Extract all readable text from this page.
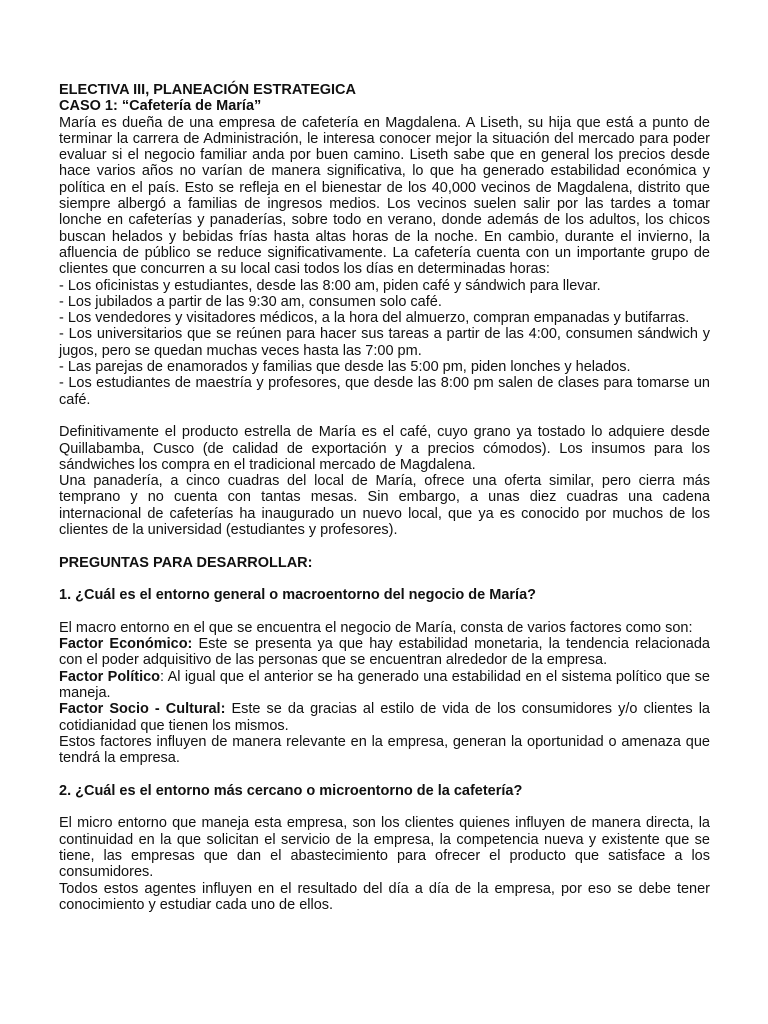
ELECTIVA III, PLANEACIÓN ESTRATEGICA

CASO 1: “Cafetería de María”

María es dueña de una empresa de cafetería en Magdalena. A Liseth, su hija que está a punto de terminar la carrera de Administración, le interesa conocer mejor la situación del mercado para poder evaluar si el negocio familiar anda por buen camino. Liseth sabe que en general los precios desde hace varios años no varían de manera significativa, lo que ha generado estabilidad económica y política en el país. Esto se refleja en el bienestar de los 40,000 vecinos de Magdalena, distrito que siempre albergó a familias de ingresos medios. Los vecinos suelen salir por las tardes a tomar lonche en cafeterías y panaderías, sobre todo en verano, donde además de los adultos, los chicos buscan helados y bebidas frías hasta altas horas de la noche. En cambio, durante el invierno, la afluencia de público se reduce significativamente. La cafetería cuenta con un importante grupo de clientes que concurren a su local casi todos los días en determinadas horas:

- Los oficinistas y estudiantes, desde las 8:00 am, piden café y sándwich para llevar.

- Los jubilados a partir de las 9:30 am, consumen solo café.

- Los vendedores y visitadores médicos, a la hora del almuerzo, compran empanadas y butifarras.

- Los universitarios que se reúnen para hacer sus tareas a partir de las 4:00, consumen sándwich y jugos, pero se quedan muchas veces hasta las 7:00 pm.

- Las parejas de enamorados y familias que desde las 5:00 pm, piden lonches y helados.

- Los estudiantes de maestría y profesores, que desde las 8:00 pm salen de clases para tomarse un café.

Definitivamente el producto estrella de María es el café, cuyo grano ya tostado lo adquiere desde Quillabamba, Cusco (de calidad de exportación y a precios cómodos). Los insumos para los sándwiches los compra en el tradicional mercado de Magdalena.

Una panadería, a cinco cuadras del local de María, ofrece una oferta similar, pero cierra más temprano y no cuenta con tantas mesas. Sin embargo, a unas diez cuadras una cadena internacional de cafeterías ha inaugurado un nuevo local, que ya es conocido por muchos de los clientes de la universidad (estudiantes y profesores).

PREGUNTAS PARA DESARROLLAR:

1. ¿Cuál es el entorno general o macroentorno del negocio de María?

El macro entorno en el que se encuentra el negocio de María, consta de varios factores como son:

Factor Económico: Este se presenta ya que hay estabilidad monetaria, la tendencia relacionada con el poder adquisitivo de las personas que se encuentran alrededor de la empresa.

Factor Político: Al igual que el anterior se ha generado una estabilidad en el sistema político que se maneja.

Factor Socio - Cultural: Este se da gracias al estilo de vida de los consumidores y/o clientes la cotidianidad que tienen los mismos.

Estos factores influyen de manera relevante en la empresa, generan la oportunidad o amenaza que tendrá la empresa.

2. ¿Cuál es el entorno más cercano o microentorno de la cafetería?

El micro entorno que maneja esta empresa, son los clientes quienes influyen de manera directa, la continuidad en la que solicitan el servicio de la empresa, la competencia nueva y existente que se tiene, las empresas que dan el abastecimiento para ofrecer el producto que satisface a los consumidores.

Todos estos agentes influyen en el resultado del día a día de la empresa, por eso se debe tener conocimiento y estudiar cada uno de ellos.
